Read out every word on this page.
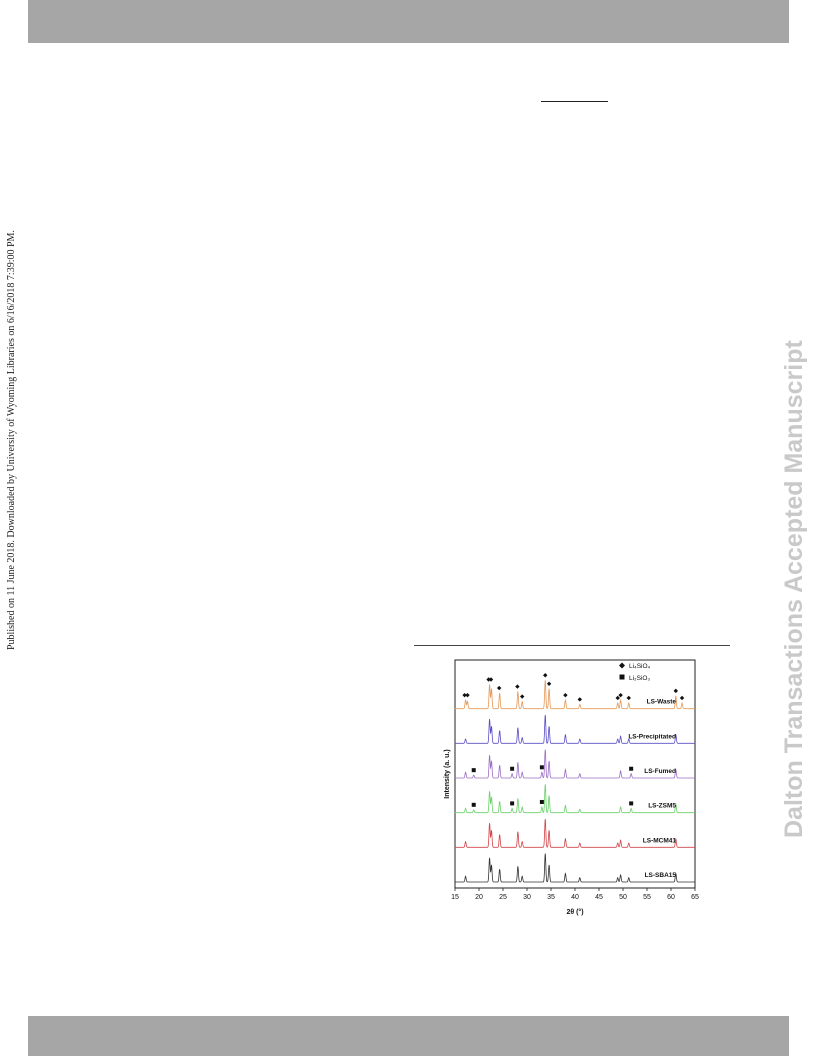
Published on 11 June 2018. Downloaded by University of Wyoming Libraries on 6/16/2018 7:39:00 PM.	Dalton Transactions Accepted Manuscript
LS-Waste
LS-Precipitated
LS-Fumed
LS-ZSM5
LS-MCM41
LS-SBA15
15 20 25 30 35 40 45 50 55 60 65
2θ (°)
Intensity (a. u.)
Li₄SiO₄
Li₂SiO₃
